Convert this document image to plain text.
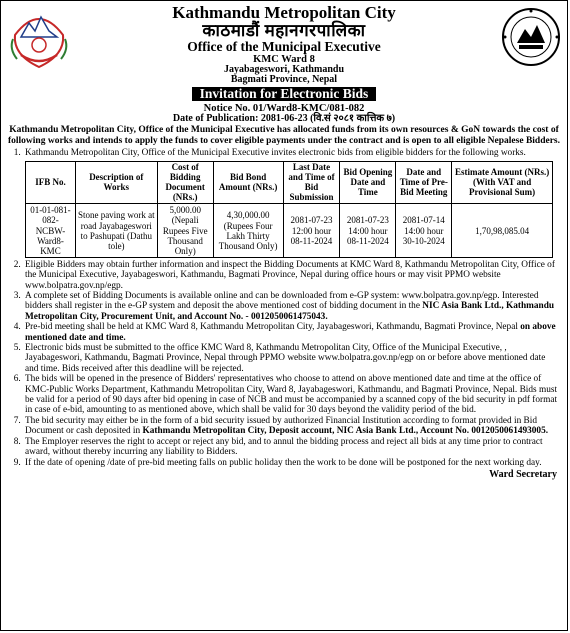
Kathmandu Metropolitan City
काठमाडौं महानगरपालिका
Office of the Municipal Executive
KMC Ward 8
Jayabageswori, Kathmandu
Bagmati Province, Nepal
Invitation for Electronic Bids
Notice No. 01/Ward8-KMC/081-082
Date of Publication: 2081-06-23 (वि.सं २०८१ कात्तिक ७)
Kathmandu Metropolitan City, Office of the Municipal Executive has allocated funds from its own resources & GoN towards the cost of following works and intends to apply the funds to cover eligible payments under the contract and is open to all eligible Nepalese Bidders.
1. Kathmandu Metropolitan City, Office of the Municipal Executive invites electronic bids from eligible bidders for the following works.
IFB No.	Description of Works	Cost of Bidding Document (NRs.)	Bid Bond Amount (NRs.)	Last Date and Time of Bid Submission	Bid Opening Date and Time	Date and Time of Pre-Bid Meeting	Estimate Amount (NRs.) (With VAT and Provisional Sum)
01-01-081-082-NCBW-Ward8-KMC	Stone paving work at road Jayabageswori to Pashupati (Dathu tole)	5,000.00 (Nepali Rupees Five Thousand Only)	4,30,000.00 (Rupees Four Lakh Thirty Thousand Only)	2081-07-23 12:00 hour 08-11-2024	2081-07-23 14:00 hour 08-11-2024	2081-07-14 14:00 hour 30-10-2024	1,70,98,085.04
2. Eligible Bidders may obtain further information and inspect the Bidding Documents at KMC Ward 8, Kathmandu Metropolitan City, Office of the Municipal Executive, Jayabageswori, Kathmandu, Bagmati Province, Nepal during office hours or may visit PPMO website www.bolpatra.gov.np/egp.
3. A complete set of Bidding Documents is available online and can be downloaded from e-GP system: www.bolpatra.gov.np/egp. Interested bidders shall register in the e-GP system and deposit the above mentioned cost of bidding document in the NIC Asia Bank Ltd., Kathmandu Metropolitan City, Procurement Unit, and Account No. - 0012050061475043.
4. Pre-bid meeting shall be held at KMC Ward 8, Kathmandu Metropolitan City, Jayabageswori, Kathmandu, Bagmati Province, Nepal on above mentioned date and time.
5. Electronic bids must be submitted to the office KMC Ward 8, Kathmandu Metropolitan City, Office of the Municipal Executive, , Jayabageswori, Kathmandu, Bagmati Province, Nepal through PPMO website www.bolpatra.gov.np/egp on or before above mentioned date and time. Bids received after this deadline will be rejected.
6. The bids will be opened in the presence of Bidders' representatives who choose to attend on above mentioned date and time at the office of KMC-Public Works Department, Kathmandu Metropolitan City, Ward 8, Jayabageswori, Kathmandu, and Bagmati Province, Nepal. Bids must be valid for a period of 90 days after bid opening in case of NCB and must be accompanied by a scanned copy of the bid security in pdf format in case of e-bid, amounting to as mentioned above, which shall be valid for 30 days beyond the validity period of the bid.
7. The bid security may either be in the form of a bid security issued by authorized Financial Institution according to format provided in Bid Document or cash deposited in Kathmandu Metropolitan City, Deposit account, NIC Asia Bank Ltd., Account No. 0012050061493005.
8. The Employer reserves the right to accept or reject any bid, and to annul the bidding process and reject all bids at any time prior to contract award, without thereby incurring any liability to Bidders.
9. If the date of opening /date of pre-bid meeting falls on public holiday then the work to be done will be postponed for the next working day.
Ward Secretary
